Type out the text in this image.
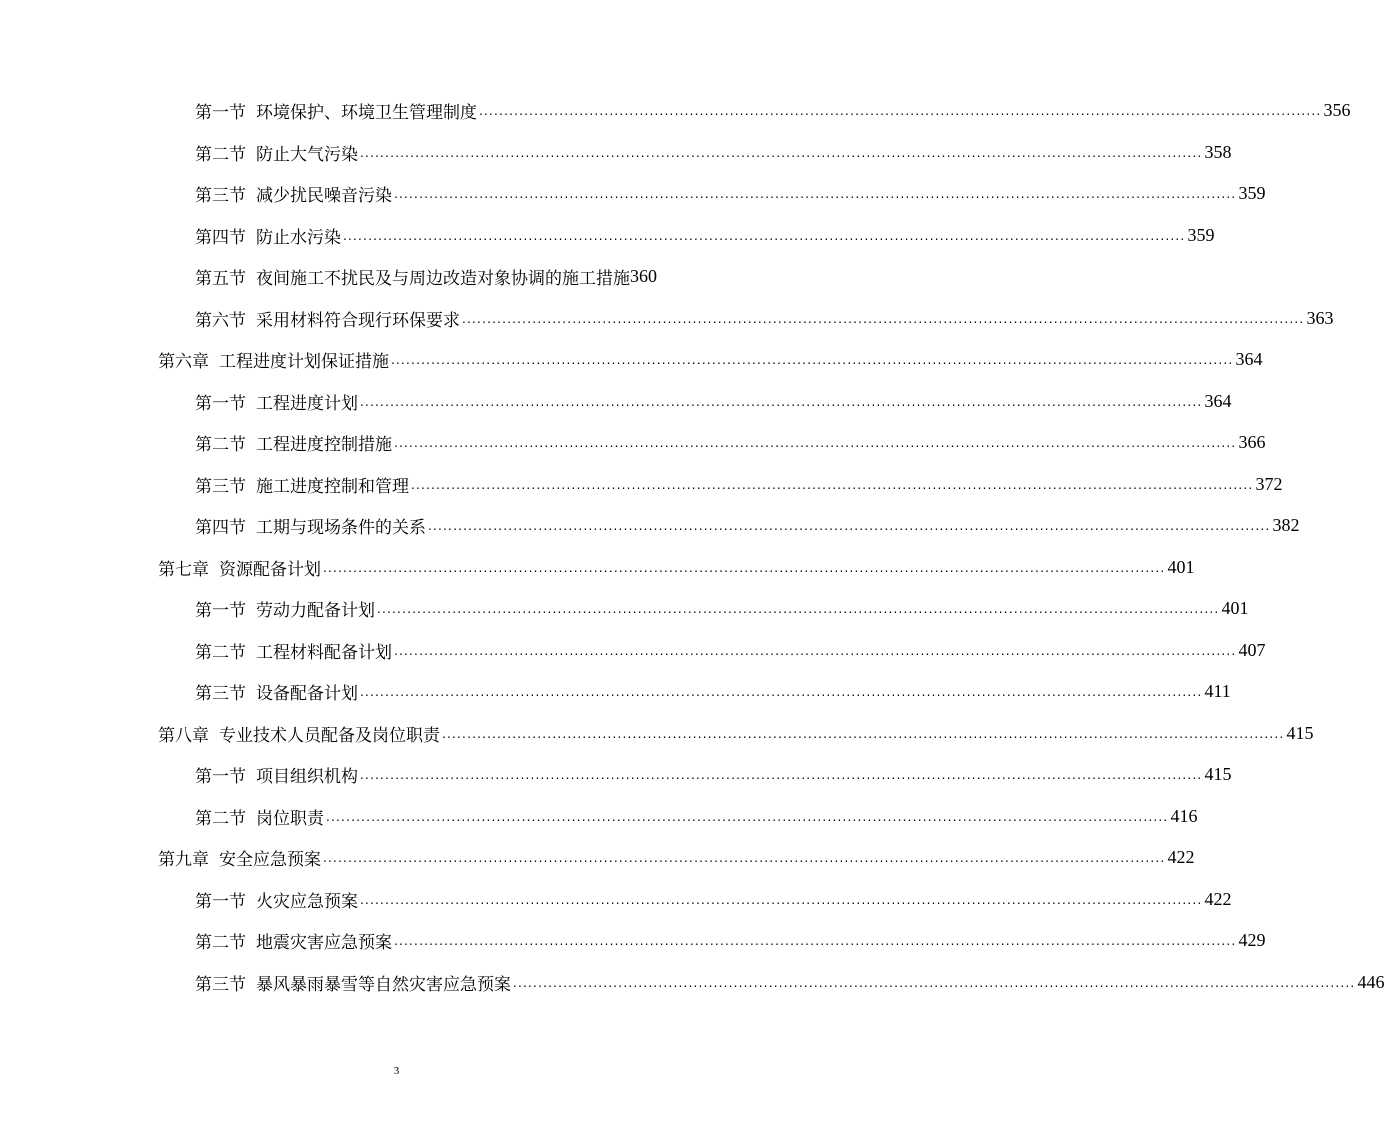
第一节 环境保护、环境卫生管理制度 .....	356
第二节 防止大气污染 .....	358
第三节 减少扰民噪音污染 .....	359
第四节 防止水污染 .....	359
第五节 夜间施工不扰民及与周边改造对象协调的施工措施 360
第六节 采用材料符合现行环保要求 .....	363
第六章 工程进度计划保证措施 .....	364
第一节 工程进度计划 .....	364
第二节 工程进度控制措施 .....	366
第三节 施工进度控制和管理 .....	372
第四节 工期与现场条件的关系 .....	382
第七章 资源配备计划 .....	401
第一节 劳动力配备计划 .....	401
第二节 工程材料配备计划 .....	407
第三节 设备配备计划 .....	411
第八章 专业技术人员配备及岗位职责 .....	415
第一节 项目组织机构 .....	415
第二节 岗位职责 .....	416
第九章 安全应急预案 .....	422
第一节 火灾应急预案 .....	422
第二节 地震灾害应急预案 .....	429
第三节 暴风暴雨暴雪等自然灾害应急预案 .....	446
3
